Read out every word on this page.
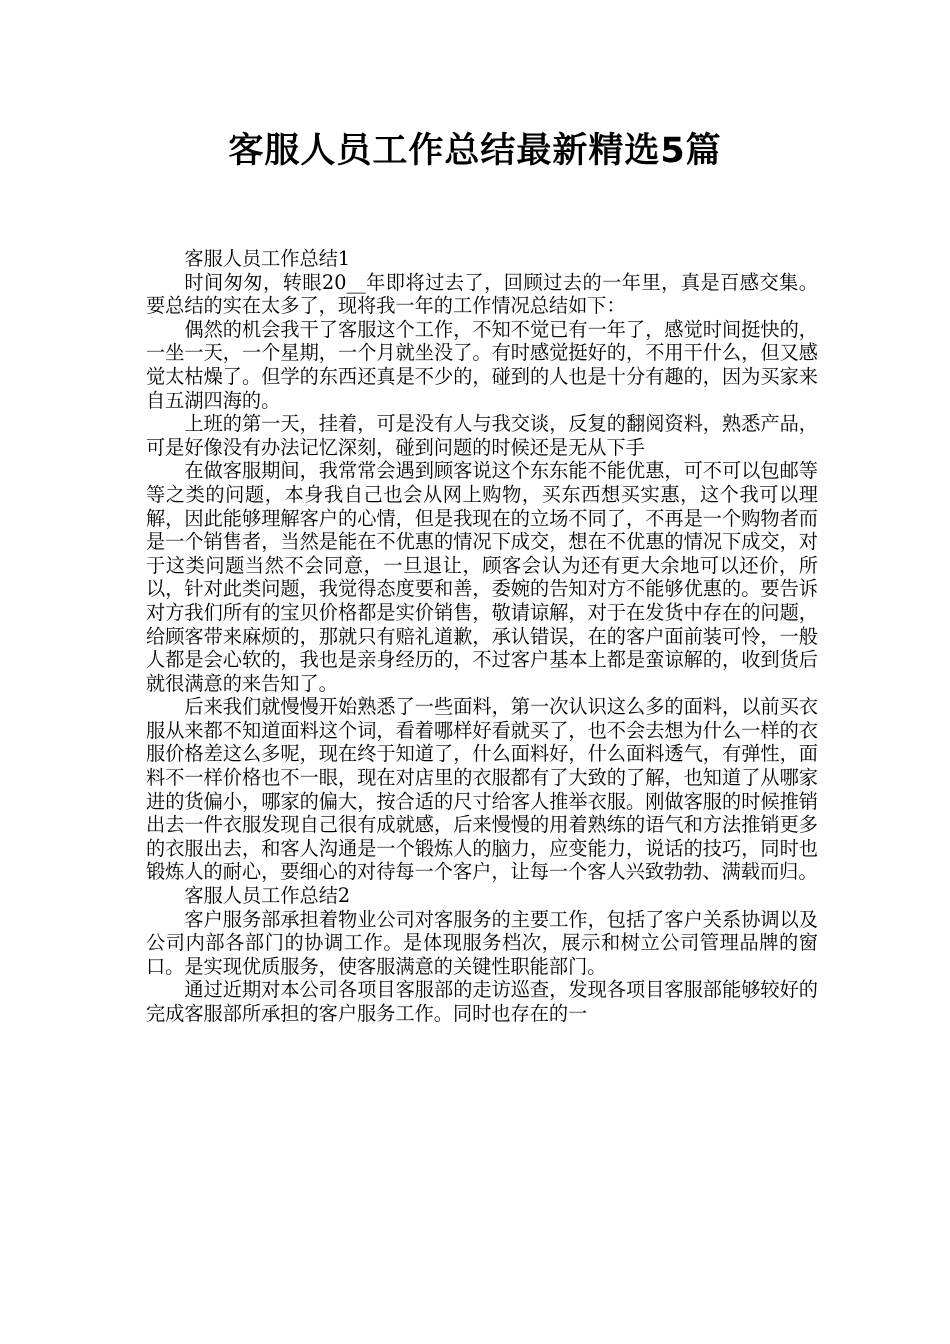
客服人员工作总结最新精选5篇

客服人员工作总结1

时间匆匆，转眼20__年即将过去了，回顾过去的一年里，真是百感交集。要总结的实在太多了，现将我一年的工作情况总结如下：

偶然的机会我干了客服这个工作，不知不觉已有一年了，感觉时间挺快的，一坐一天，一个星期，一个月就坐没了。有时感觉挺好的，不用干什么，但又感觉太枯燥了。但学的东西还真是不少的，碰到的人也是十分有趣的，因为买家来自五湖四海的。

上班的第一天，挂着，可是没有人与我交谈，反复的翻阅资料，熟悉产品，可是好像没有办法记忆深刻，碰到问题的时候还是无从下手

在做客服期间，我常常会遇到顾客说这个东东能不能优惠，可不可以包邮等等之类的问题，本身我自己也会从网上购物，买东西想买实惠，这个我可以理解，因此能够理解客户的心情，但是我现在的立场不同了，不再是一个购物者而是一个销售者，当然是能在不优惠的情况下成交，想在不优惠的情况下成交，对于这类问题当然不会同意，一旦退让，顾客会认为还有更大余地可以还价，所以，针对此类问题，我觉得态度要和善，委婉的告知对方不能够优惠的。要告诉对方我们所有的宝贝价格都是实价销售，敬请谅解，对于在发货中存在的问题，给顾客带来麻烦的，那就只有赔礼道歉，承认错误，在的客户面前装可怜，一般人都是会心软的，我也是亲身经历的，不过客户基本上都是蛮谅解的，收到货后就很满意的来告知了。

后来我们就慢慢开始熟悉了一些面料，第一次认识这么多的面料，以前买衣服从来都不知道面料这个词，看着哪样好看就买了，也不会去想为什么一样的衣服价格差这么多呢，现在终于知道了，什么面料好，什么面料透气，有弹性，面料不一样价格也不一眼，现在对店里的衣服都有了大致的了解，也知道了从哪家进的货偏小，哪家的偏大，按合适的尺寸给客人推举衣服。刚做客服的时候推销出去一件衣服发现自己很有成就感，后来慢慢的用着熟练的语气和方法推销更多的衣服出去，和客人沟通是一个锻炼人的脑力，应变能力，说话的技巧，同时也锻炼人的耐心，要细心的对待每一个客户，让每一个客人兴致勃勃、满载而归。

客服人员工作总结2

客户服务部承担着物业公司对客服务的主要工作，包括了客户关系协调以及公司内部各部门的协调工作。是体现服务档次，展示和树立公司管理品牌的窗口。是实现优质服务，使客服满意的关键性职能部门。

通过近期对本公司各项目客服部的走访巡查，发现各项目客服部能够较好的完成客服部所承担的客户服务工作。同时也存在的一
